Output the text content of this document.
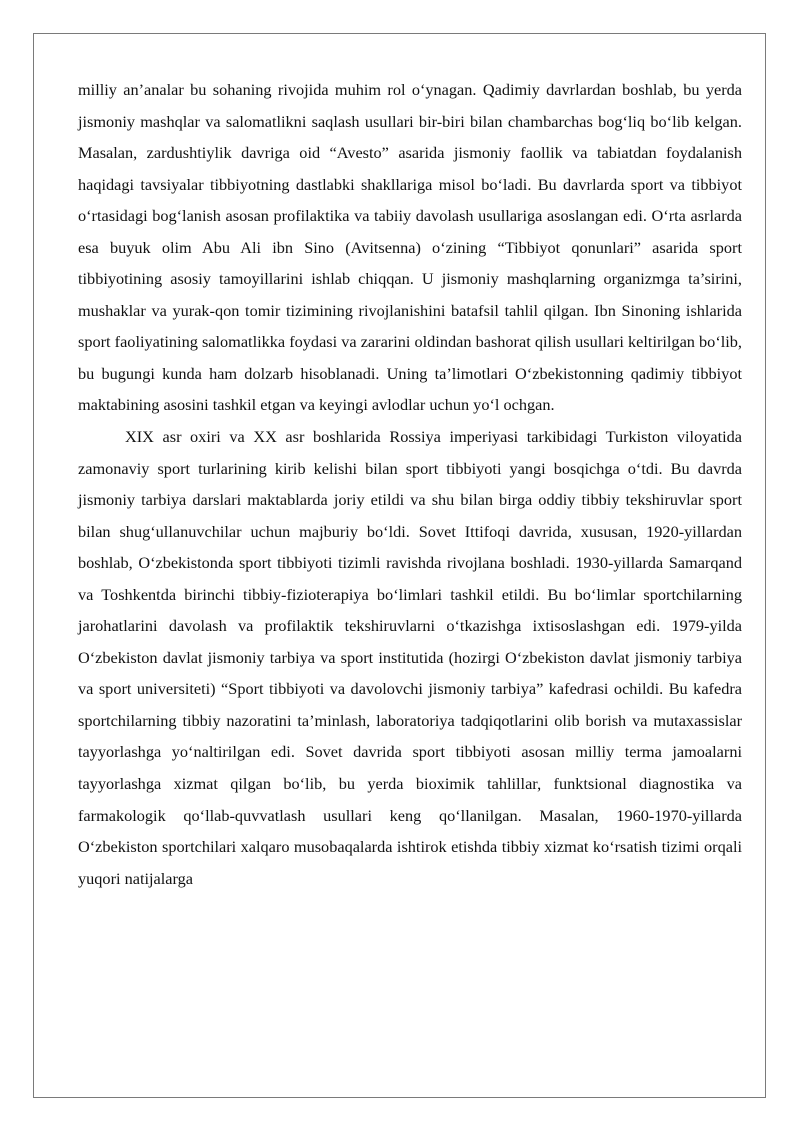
milliy an’analar bu sohaning rivojida muhim rol o‘ynagan. Qadimiy davrlardan boshlab, bu yerda jismoniy mashqlar va salomatlikni saqlash usullari bir-biri bilan chambarchas bog‘liq bo‘lib kelgan. Masalan, zardushtiylik davriga oid “Avesto” asarida jismoniy faollik va tabiatdan foydalanish haqidagi tavsiyalar tibbiyotning dastlabki shakllariga misol bo‘ladi. Bu davrlarda sport va tibbiyot o‘rtasidagi bog‘lanish asosan profilaktika va tabiiy davolash usullariga asoslangan edi. O‘rta asrlarda esa buyuk olim Abu Ali ibn Sino (Avitsenna) o‘zining “Tibbiyot qonunlari” asarida sport tibbiyotining asosiy tamoyillarini ishlab chiqqan. U jismoniy mashqlarning organizmga ta’sirini, mushaklar va yurak-qon tomir tizimining rivojlanishini batafsil tahlil qilgan. Ibn Sinoning ishlarida sport faoliyatining salomatlikka foydasi va zararini oldindan bashorat qilish usullari keltirilgan bo‘lib, bu bugungi kunda ham dolzarb hisoblanadi. Uning ta’limotlari O‘zbekistonning qadimiy tibbiyot maktabining asosini tashkil etgan va keyingi avlodlar uchun yo‘l ochgan.

XIX asr oxiri va XX asr boshlarida Rossiya imperiyasi tarkibidagi Turkiston viloyatida zamonaviy sport turlarining kirib kelishi bilan sport tibbiyoti yangi bosqichga o‘tdi. Bu davrda jismoniy tarbiya darslari maktablarda joriy etildi va shu bilan birga oddiy tibbiy tekshiruvlar sport bilan shug‘ullanuvchilar uchun majburiy bo‘ldi. Sovet Ittifoqi davrida, xususan, 1920-yillardan boshlab, O‘zbekistonda sport tibbiyoti tizimli ravishda rivojlana boshladi. 1930-yillarda Samarqand va Toshkentda birinchi tibbiy-fizioterapiya bo‘limlari tashkil etildi. Bu bo‘limlar sportchilarning jarohatlarini davolash va profilaktik tekshiruvlarni o‘tkazishga ixtisoslashgan edi. 1979-yilda O‘zbekiston davlat jismoniy tarbiya va sport institutida (hozirgi O‘zbekiston davlat jismoniy tarbiya va sport universiteti) “Sport tibbiyoti va davolovchi jismoniy tarbiya” kafedrasi ochildi. Bu kafedra sportchilarning tibbiy nazoratini ta’minlash, laboratoriya tadqiqotlarini olib borish va mutaxassislar tayyorlashga yo‘naltirilgan edi. Sovet davrida sport tibbiyoti asosan milliy terma jamoalarni tayyorlashga xizmat qilgan bo‘lib, bu yerda bioximik tahlillar, funktsional diagnostika va farmakologik qo‘llab-quvvatlash usullari keng qo‘llanilgan. Masalan, 1960-1970-yillarda O‘zbekiston sportchilari xalqaro musobaqalarda ishtirok etishda tibbiy xizmat ko‘rsatish tizimi orqali yuqori natijalarga
